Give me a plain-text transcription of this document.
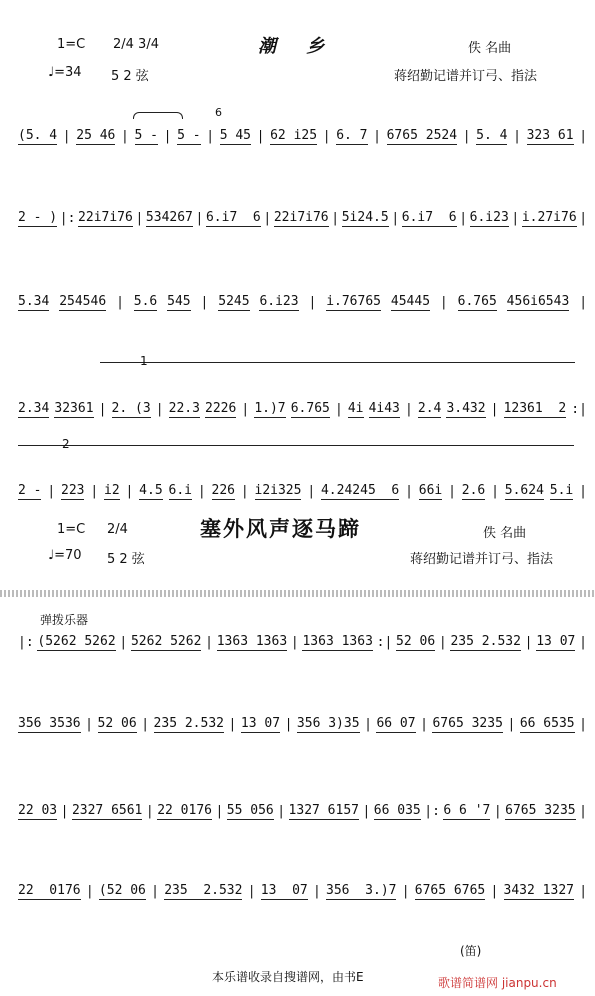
1=C 2/4 3/4	潮 乡	佚 名曲
♩=34 5 2 弦	蒋绍勤记谱并订弓、指法
(5. 4 | 25 46 | 5 - | 5 - | 5 45 | 62 i25 | 6. 7 | 6765 2524 | 5. 4 | 323 61 |
6
2 - ) |: 22i7i76 | 534267 | 6.i7  6 | 22i7i76 | 5i24.5 | 6.i7  6 | 6.i23 | i.27i76 |
5.34 254546 | 5.6 545 | 5245 6.i23 | i.76765 45445 | 6.765 456i6543 |
1
2.34 32361 | 2. (3 | 22.3 2226 | 1.)7 6.765 | 4i 4i43 | 2.4 3.432 | 12361  2 :|
2
2 - | 223 | i2 | 4.5 6.i | 226 | i2i325 | 4.24245  6 | 66i | 2.6 | 5.624 5.i |
1=C 2/4	塞外风声逐马蹄	佚 名曲
♩=70 5 2 弦	蒋绍勤记谱并订弓、指法
弹拨乐器
|: (5262 5262 | 5262 5262 | 1363 1363 | 1363 1363 :| 52 06 | 235 2.532 | 13 07 |
356 3536 | 52 06 | 235 2.532 | 13 07 | 356 3)35 | 66 07 | 6765 3235 | 66 6535 |
22 03 | 2327 6561 | 22 0176 | 55 056 | 1327 6157 | 66 035 |: 6 6 '7 | 6765 3235 |
22  0176 | (52 06 | 235  2.532 | 13  07 | 356  3.)7 | 6765 6765 | 3432 1327 |
(笛)
本乐谱收录自搜谱网，由书E	歌谱简谱网 jianpu.cn
